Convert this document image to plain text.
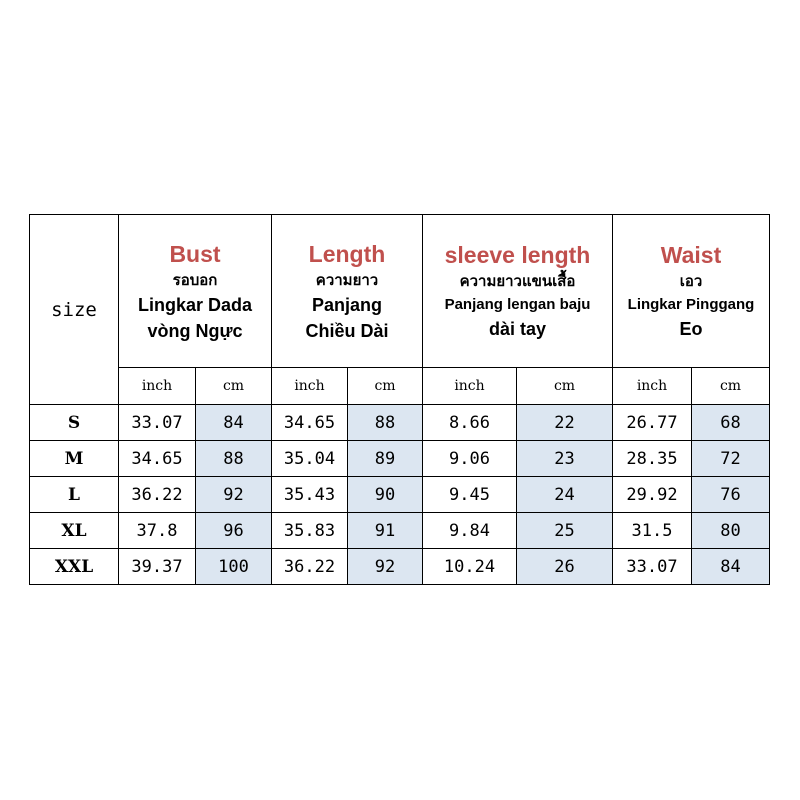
size	Bust
รอบอก
Lingkar Dada
vòng Ngực		Length
ความยาว
Panjang
Chiều Dài		sleeve length
ความยาวแขนเสื้อ
Panjang lengan baju
dài tay		Waist
เอว
Lingkar Pinggang
Eo	

	inch	cm	inch	cm	inch	cm	inch	cm
S	33.07	84	34.65	88	8.66	22	26.77	68
M	34.65	88	35.04	89	9.06	23	28.35	72
L	36.22	92	35.43	90	9.45	24	29.92	76
XL	37.8	96	35.83	91	9.84	25	31.5	80
XXL	39.37	100	36.22	92	10.24	26	33.07	84
